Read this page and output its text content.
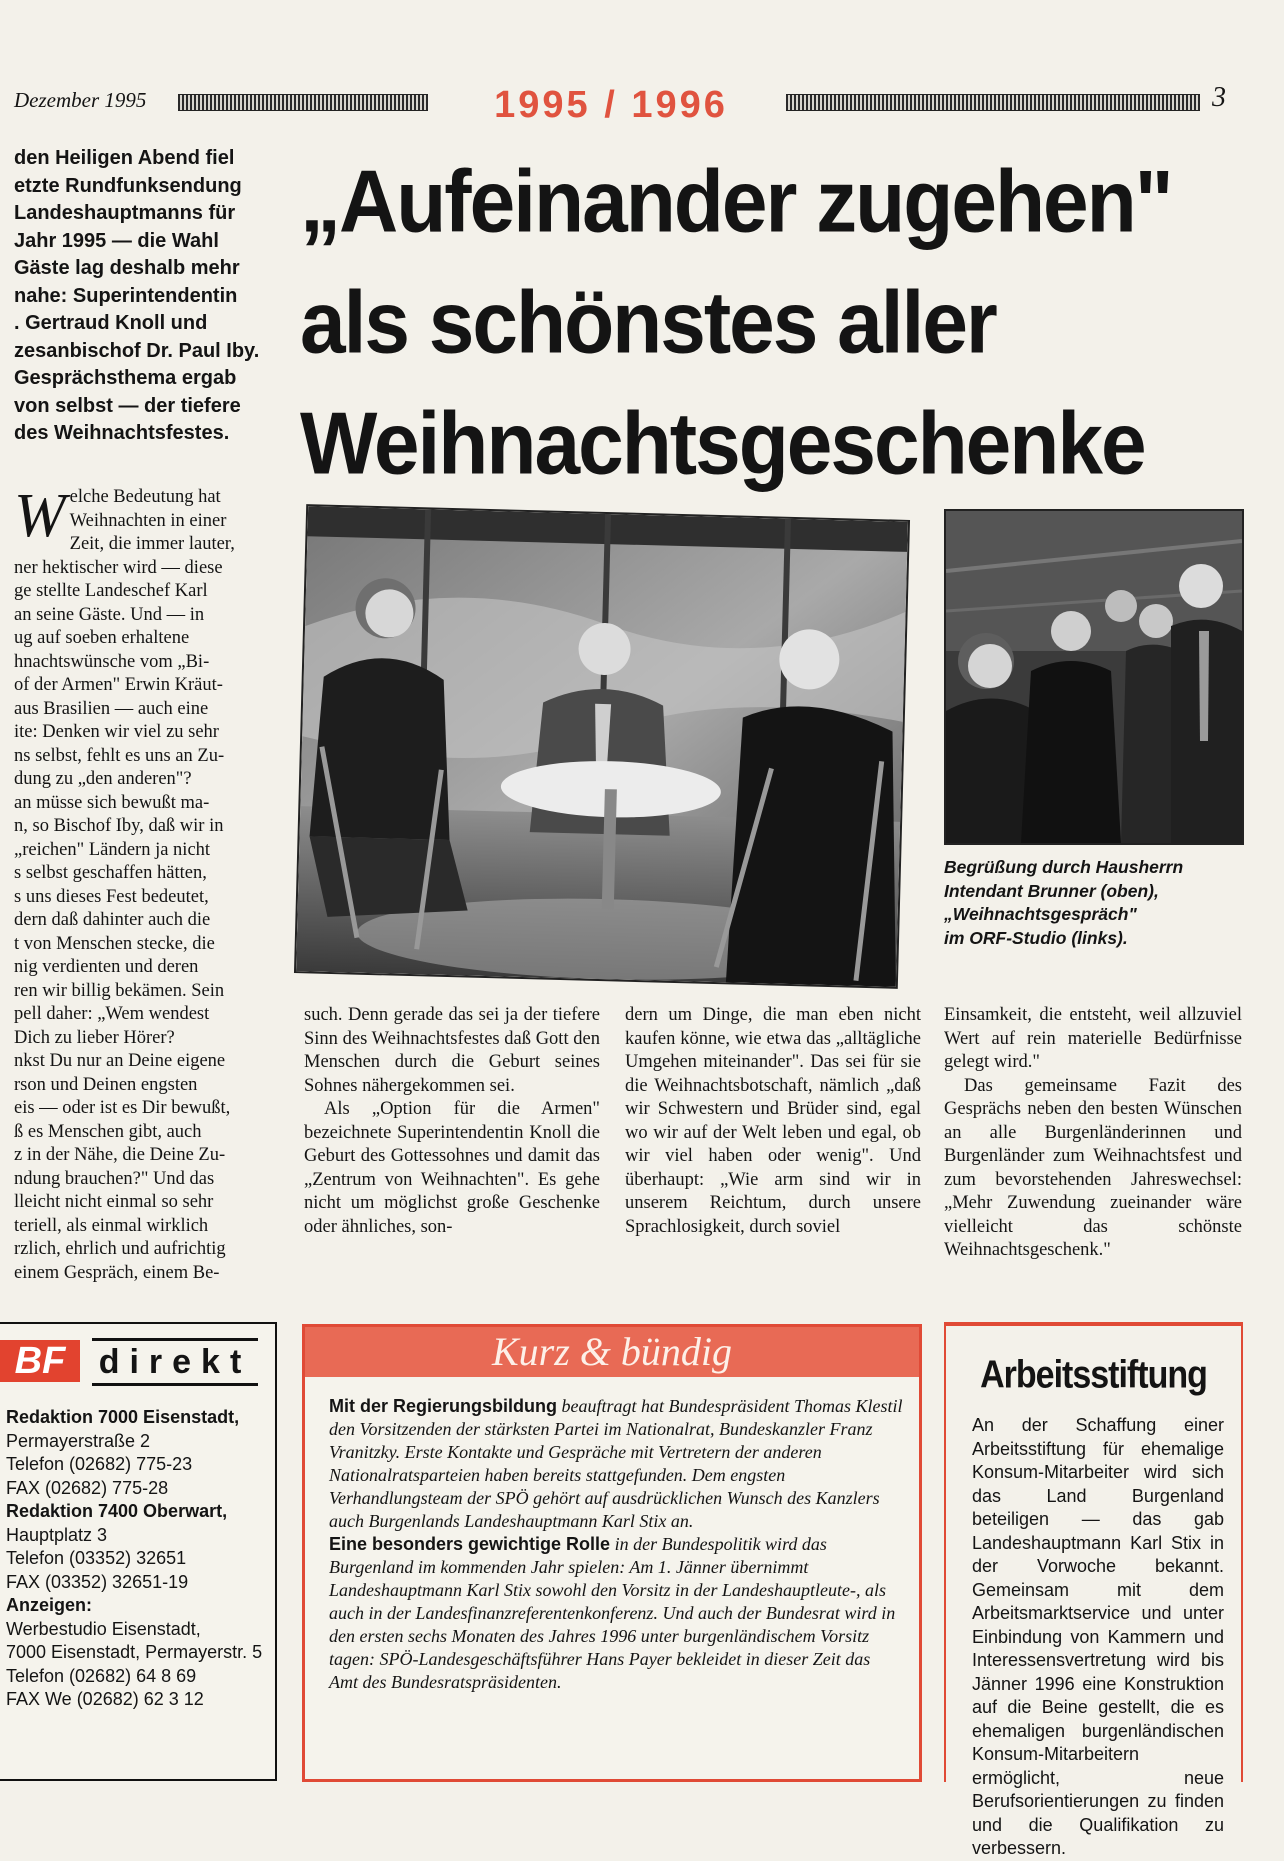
Dezember 1995	1995 / 1996	3
„Aufeinander zugehen"
als schönstes aller
Weihnachtsgeschenke
den Heiligen Abend fiel
etzte Rundfunksendung
Landeshauptmanns für
Jahr 1995 — die Wahl
Gäste lag deshalb mehr
nahe: Superintendentin
. Gertraud Knoll und
zesanbischof Dr. Paul Iby.
Gesprächsthema ergab
von selbst — der tiefere
des Weihnachtsfestes.
W elche Bedeutung hat
Weihnachten in einer
Zeit, die immer lauter,
ner hektischer wird — diese
ge stellte Landeschef Karl
an seine Gäste. Und — in
ug auf soeben erhaltene
hnachtswünsche vom „Bi-
of der Armen" Erwin Kräut-
aus Brasilien — auch eine
ite: Denken wir viel zu sehr
ns selbst, fehlt es uns an Zu-
dung zu „den anderen"?
an müsse sich bewußt ma-
n, so Bischof Iby, daß wir in
„reichen" Ländern ja nicht
s selbst geschaffen hätten,
s uns dieses Fest bedeutet,
dern daß dahinter auch die
t von Menschen stecke, die
nig verdienten und deren
ren wir billig bekämen. Sein
pell daher: „Wem wendest
Dich zu lieber Hörer?
nkst Du nur an Deine eigene
rson und Deinen engsten
eis — oder ist es Dir bewußt,
ß es Menschen gibt, auch
z in der Nähe, die Deine Zu-
ndung brauchen?" Und das
lleicht nicht einmal so sehr
teriell, als einmal wirklich
rzlich, ehrlich und aufrichtig
einem Gespräch, einem Be-
Begrüßung durch Hausherrn
Intendant Brunner (oben),
„Weihnachtsgespräch"
im ORF-Studio (links).

such. Denn gerade das sei ja der tiefere Sinn des Weihnachtsfestes daß Gott den Menschen durch die Geburt seines Sohnes nähergekommen sei.

Als „Option für die Armen" bezeichnete Superintendentin Knoll die Geburt des Gottessohnes und damit das „Zentrum von Weihnachten". Es gehe nicht um möglichst große Geschenke oder ähnliches, son-

dern um Dinge, die man eben nicht kaufen könne, wie etwa das „alltägliche Umgehen miteinander". Das sei für sie die Weihnachtsbotschaft, nämlich „daß wir Schwestern und Brüder sind, egal wo wir auf der Welt leben und egal, ob wir viel haben oder wenig". Und überhaupt: „Wie arm sind wir in unserem Reichtum, durch unsere Sprachlosigkeit, durch soviel

Einsamkeit, die entsteht, weil allzuviel Wert auf rein materielle Bedürfnisse gelegt wird."

Das gemeinsame Fazit des Gesprächs neben den besten Wünschen an alle Burgenländerinnen und Burgenländer zum Weihnachtsfest und zum bevorstehenden Jahreswechsel: „Mehr Zuwendung zueinander wäre vielleicht das schönste Weihnachtsgeschenk."

BF direkt
Redaktion 7000 Eisenstadt,
Permayerstraße 2
Telefon (02682) 775-23
FAX (02682) 775-28
Redaktion 7400 Oberwart,
Hauptplatz 3
Telefon (03352) 32651
FAX (03352) 32651-19
Anzeigen:
Werbestudio Eisenstadt,
7000 Eisenstadt, Permayerstr. 5
Telefon (02682) 64 8 69
FAX We (02682) 62 3 12
Kurz & bündig

Mit der Regierungsbildung beauftragt hat Bundespräsident Thomas Klestil den Vorsitzenden der stärksten Partei im Nationalrat, Bundeskanzler Franz Vranitzky. Erste Kontakte und Gespräche mit Vertretern der anderen Nationalratsparteien haben bereits stattgefunden. Dem engsten Verhandlungsteam der SPÖ gehört auf ausdrücklichen Wunsch des Kanzlers auch Burgenlands Landeshauptmann Karl Stix an.

Eine besonders gewichtige Rolle in der Bundespolitik wird das Burgenland im kommenden Jahr spielen: Am 1. Jänner übernimmt Landeshauptmann Karl Stix sowohl den Vorsitz in der Landeshauptleute-, als auch in der Landesfinanzreferentenkonferenz. Und auch der Bundesrat wird in den ersten sechs Monaten des Jahres 1996 unter burgenländischem Vorsitz tagen: SPÖ-Landesgeschäftsführer Hans Payer bekleidet in dieser Zeit das Amt des Bundesratspräsidenten.

Arbeitsstiftung
An der Schaffung einer Arbeitsstiftung für ehemalige Konsum-Mitarbeiter wird sich das Land Burgenland beteiligen — das gab Landeshauptmann Karl Stix in der Vorwoche bekannt. Gemeinsam mit dem Arbeitsmarktservice und unter Einbindung von Kammern und Interessensvertretung wird bis Jänner 1996 eine Konstruktion auf die Beine gestellt, die es ehemaligen burgenländischen Konsum-Mitarbeitern ermöglicht, neue Berufsorientierungen zu finden und die Qualifikation zu verbessern.
